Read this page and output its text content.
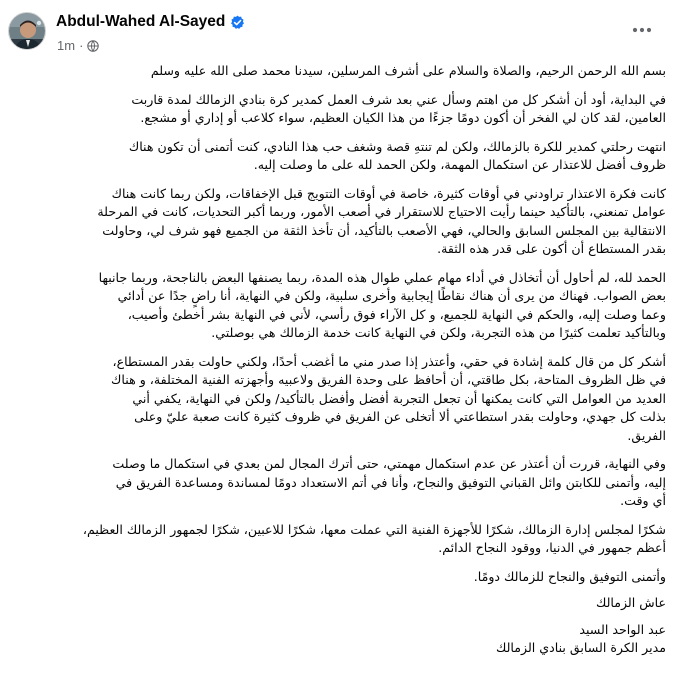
Abdul-Wahed Al-Sayed
1m ·

بسم الله الرحمن الرحيم، والصلاة والسلام على أشرف المرسلين، سيدنا محمد صلى الله عليه وسلم

في البداية، أود أن أشكر كل من اهتم وسأل عني بعد شرف العمل كمدير كرة بنادي الزمالك لمدة قاربت
العامين، لقد كان لي الفخر أن أكون دومًا جزءًا من هذا الكيان العظيم، سواء كلاعب أو إداري أو مشجع.

انتهت رحلتي كمدير للكرة بالزمالك، ولكن لم تنتهِ قصة وشغف حب هذا النادي، كنت أتمنى أن تكون هناك
ظروف أفضل للاعتذار عن استكمال المهمة، ولكن الحمد لله على ما وصلت إليه.

كانت فكرة الاعتذار تراودني في أوقات كثيرة، خاصة في أوقات التتويج قبل الإخفاقات، ولكن ربما كانت هناك
عوامل تمنعني، بالتأكيد حينما رأيت الاحتياج للاستقرار في أصعب الأمور، وربما أكبر التحديات، كانت في المرحلة
الانتقالية بين المجلس السابق والحالي، فهي الأصعب بالتأكيد، أن تأخذ الثقة من الجميع فهو شرف لي، وحاولت
بقدر المستطاع أن أكون على قدر هذه الثقة.

الحمد لله، لم أحاول أن أتخاذل في أداء مهام عملي طوال هذه المدة، ربما يصنفها البعض بالناجحة، وربما جانبها
بعض الصواب. فهناك من يرى أن هناك نقاطًا إيجابية وأخرى سلبية، ولكن في النهاية، أنا راضٍ جدًا عن أدائي
وعما وصلت إليه، والحكم في النهاية للجميع، و كل الآراء فوق رأسي، لأني في النهاية بشر أخطئ وأصيب،
وبالتأكيد تعلمت كثيرًا من هذه التجربة، ولكن في النهاية كانت خدمة الزمالك هي بوصلتي.

أشكر كل من قال كلمة إشادة في حقي، وأعتذر إذا صدر مني ما أغضب أحدًا، ولكني حاولت بقدر المستطاع،
في ظل الظروف المتاحة، بكل طاقتي، أن أحافظ على وحدة الفريق ولاعبيه وأجهزته الفنية المختلفة، و هناك
العديد من العوامل التي كانت يمكنها أن تجعل التجربة أفضل وأفضل بالتأكيد/ ولكن في النهاية، يكفي أني
بذلت كل جهدي، وحاولت بقدر استطاعتي ألا أتخلى عن الفريق في ظروف كثيرة كانت صعبة عليّ وعلى
الفريق.

وفي النهاية، قررت أن أعتذر عن عدم استكمال مهمتي، حتى أترك المجال لمن بعدي في استكمال ما وصلت
إليه، وأتمنى للكابتن وائل القباني التوفيق والنجاح، وأنا في أتم الاستعداد دومًا لمساندة ومساعدة الفريق في
أي وقت.

شكرًا لمجلس إدارة الزمالك، شكرًا للأجهزة الفنية التي عملت معها، شكرًا للاعبين، شكرًا لجمهور الزمالك العظيم،
أعظم جمهور في الدنيا، ووقود النجاح الدائم.

وأتمنى التوفيق والنجاح للزمالك دومًا.

عاش الزمالك

عبد الواحد السيد
مدير الكرة السابق بنادي الزمالك
